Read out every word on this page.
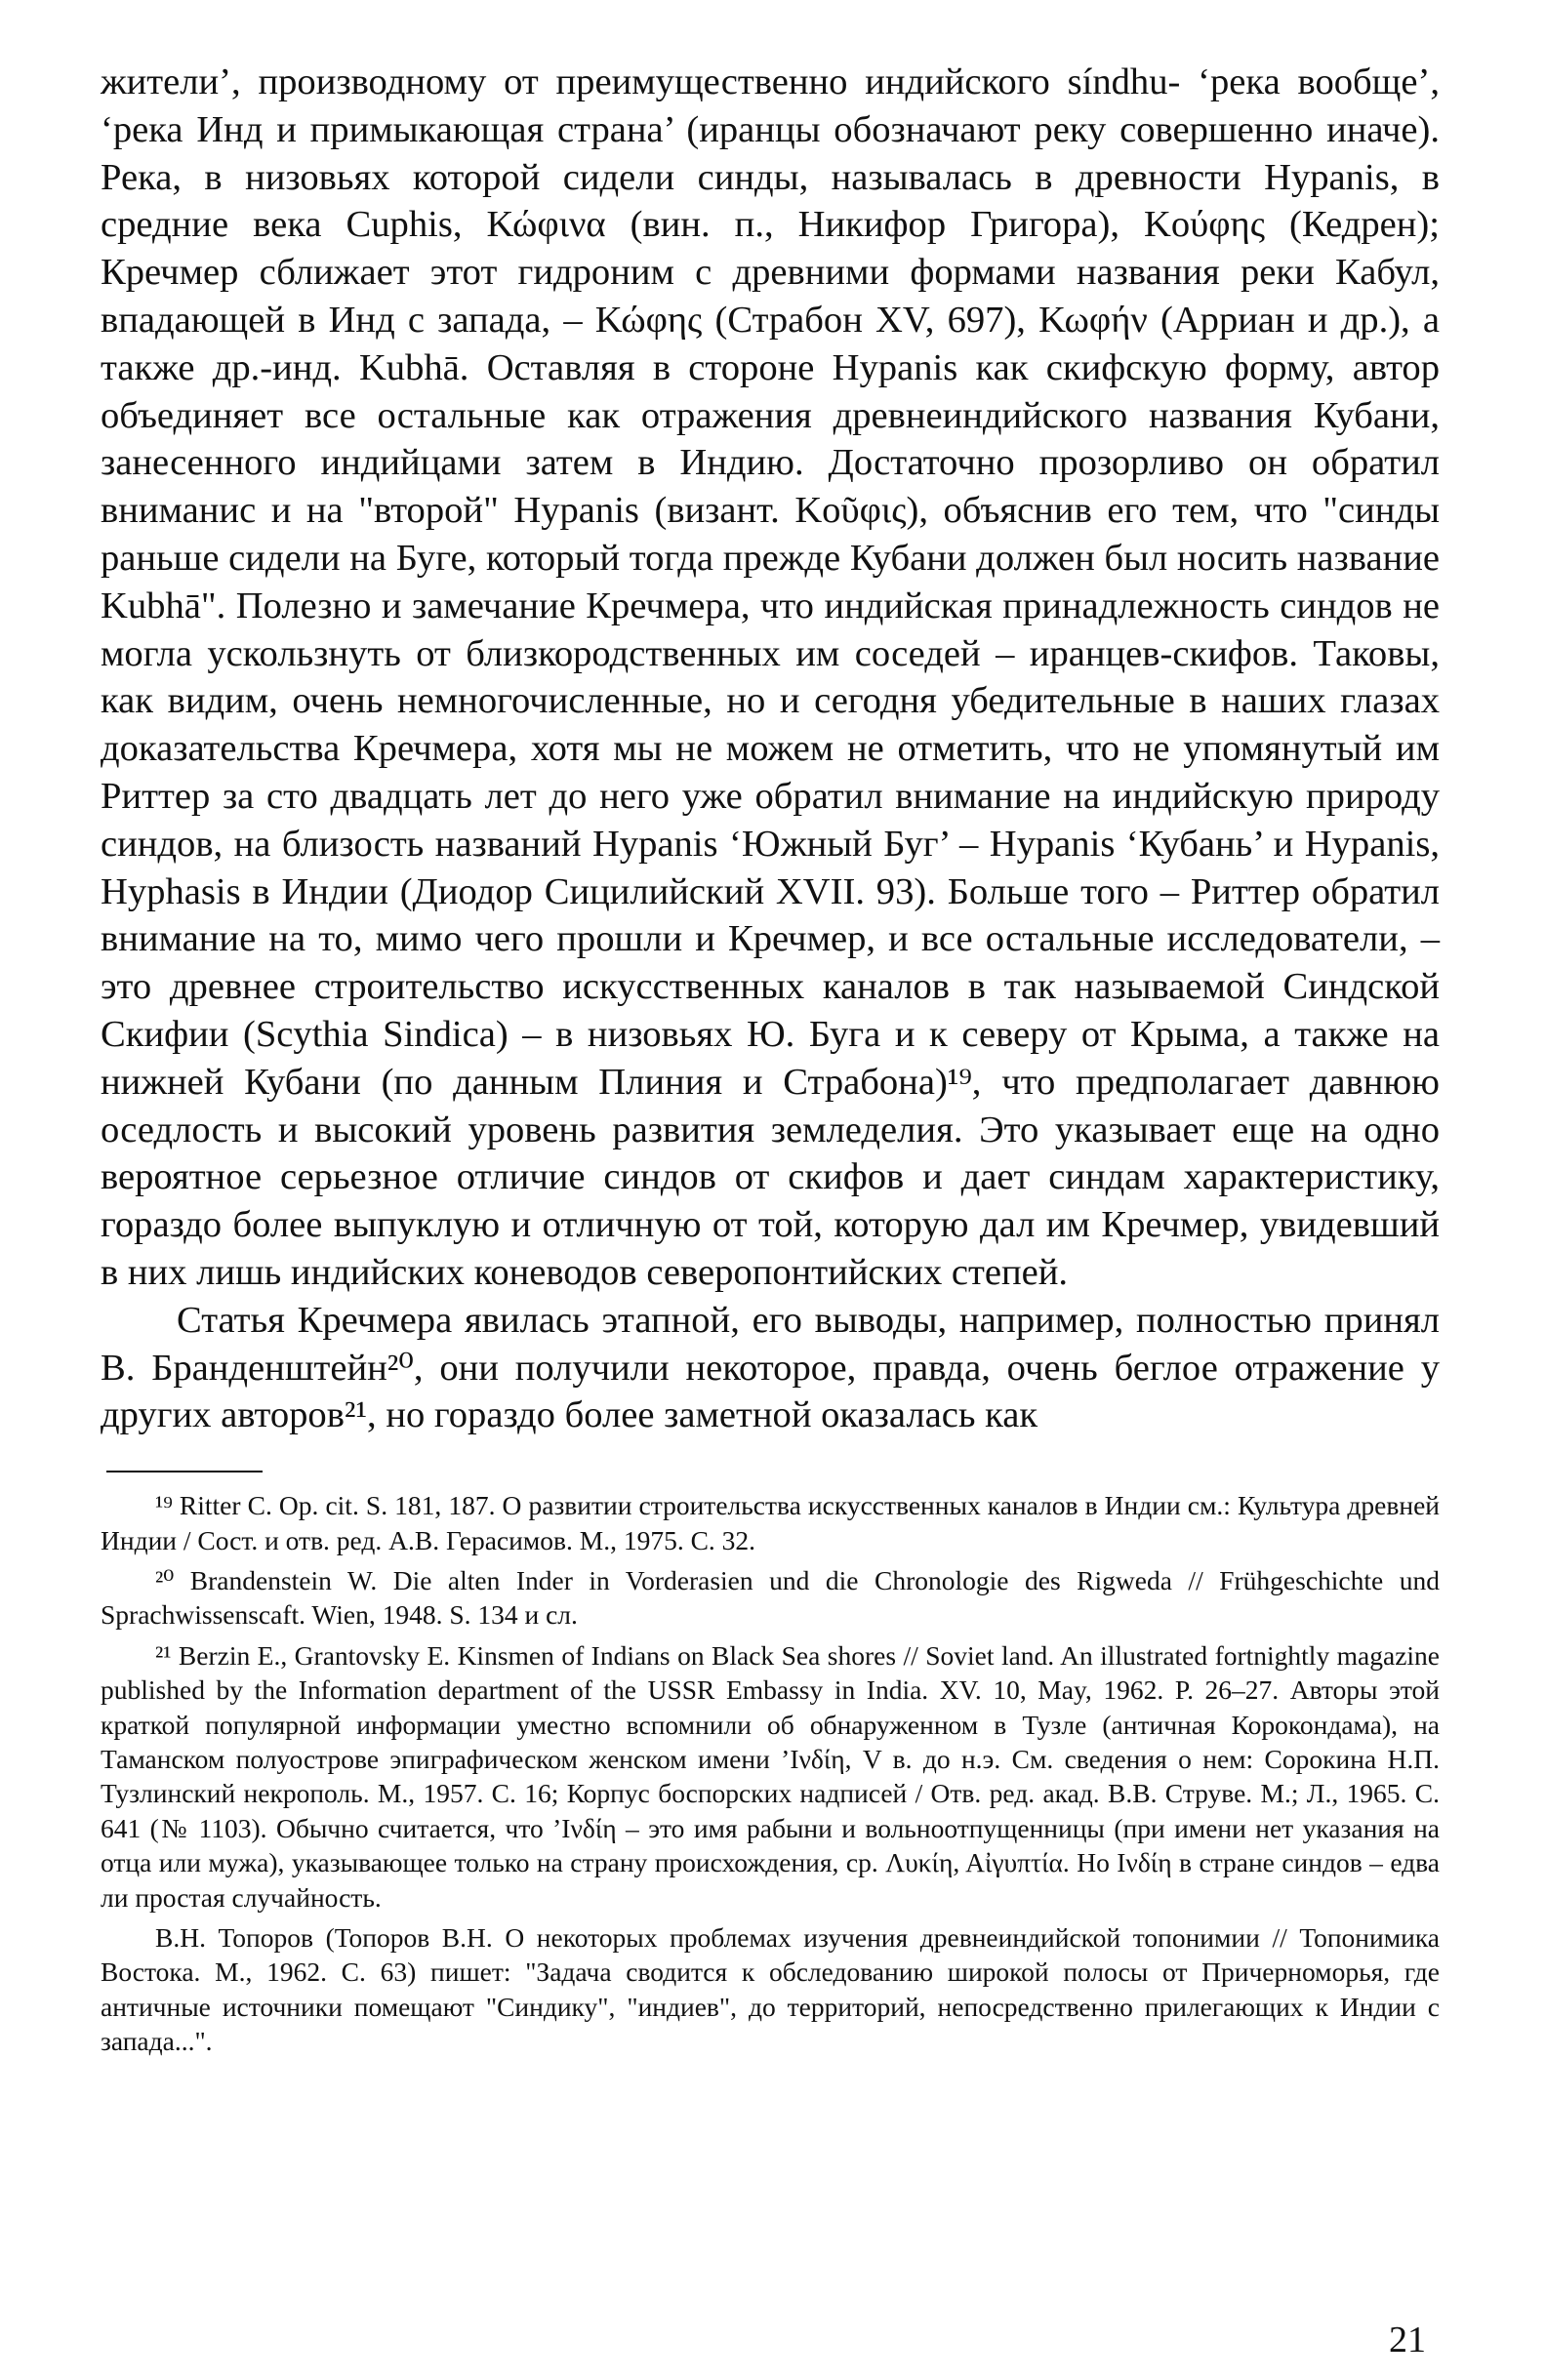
жители’, производному от преимущественно индийского síndhu- ‘река вообще’, ‘река Инд и примыкающая страна’ (иранцы обозначают реку совершенно иначе). Река, в низовьях которой сидели синды, называлась в древности Hypanis, в средние века Cuphis, Κώφινα (вин. п., Никифор Григора), Κούφης (Кедрен); Кречмер сближает этот гидроним с древними формами названия реки Кабул, впадающей в Инд с запада, – Κώφης (Страбон XV, 697), Κωφήν (Арриан и др.), а также др.-инд. Kubhā. Оставляя в стороне Hypanis как скифскую форму, автор объединяет все остальные как отражения древнеиндийского названия Кубани, занесенного индийцами затем в Индию. Достаточно прозорливо он обратил вниманис и на "второй" Hypanis (визант. Κοῦφις), объяснив его тем, что "синды раньше сидели на Буге, который тогда прежде Кубани должен был носить название Kubhā". Полезно и замечание Кречмера, что индийская принадлежность синдов не могла ускользнуть от близкородственных им соседей – иранцев-скифов. Таковы, как видим, очень немногочисленные, но и сегодня убедительные в наших глазах доказательства Кречмера, хотя мы не можем не отметить, что не упомянутый им Риттер за сто двадцать лет до него уже обратил внимание на индийскую природу синдов, на близость названий Hypanis ‘Южный Буг’ – Hypanis ‘Кубань’ и Hypanis, Hyphasis в Индии (Диодор Сицилийский XVII. 93). Больше того – Риттер обратил внимание на то, мимо чего прошли и Кречмер, и все остальные исследователи, – это древнее строительство искусственных каналов в так называемой Синдской Скифии (Scythia Sindica) – в низовьях Ю. Буга и к северу от Крыма, а также на нижней Кубани (по данным Плиния и Страбона)¹⁹, что предполагает давнюю оседлость и высокий уровень развития земледелия. Это указывает еще на одно вероятное серьезное отличие синдов от скифов и дает синдам характеристику, гораздо более выпуклую и отличную от той, которую дал им Кречмер, увидевший в них лишь индийских коневодов северопонтийских степей.

Статья Кречмера явилась этапной, его выводы, например, полностью принял В. Бранденштейн²⁰, они получили некоторое, правда, очень беглое отражение у других авторов²¹, но гораздо более заметной оказалась как

¹⁹ Ritter C. Op. cit. S. 181, 187. О развитии строительства искусственных каналов в Индии см.: Культура древней Индии / Сост. и отв. ред. А.В. Герасимов. М., 1975. С. 32.

²⁰ Brandenstein W. Die alten Inder in Vorderasien und die Chronologie des Rigweda // Frühgeschichte und Sprachwissenscaft. Wien, 1948. S. 134 и сл.

²¹ Berzin E., Grantovsky E. Kinsmen of Indians on Black Sea shores // Soviet land. An illustrated fortnightly magazine published by the Information department of the USSR Embassy in India. XV. 10, May, 1962. P. 26–27. Авторы этой краткой популярной информации уместно вспомнили об обнаруженном в Тузле (античная Корокондама), на Таманском полуострове эпиграфическом женском имени ’Ινδίη, V в. до н.э. См. сведения о нем: Сорокина Н.П. Тузлинский некрополь. М., 1957. С. 16; Корпус боспорских надписей / Отв. ред. акад. В.В. Струве. М.; Л., 1965. С. 641 (№ 1103). Обычно считается, что ’Ινδίη – это имя рабыни и вольноотпущенницы (при имени нет указания на отца или мужа), указывающее только на страну происхождения, ср. Λυκίη, Αἰγυπτία. Но Ινδίη в стране синдов – едва ли простая случайность.

В.Н. Топоров (Топоров В.Н. О некоторых проблемах изучения древнеиндийской топонимии // Топонимика Востока. М., 1962. С. 63) пишет: "Задача сводится к обследованию широкой полосы от Причерноморья, где античные источники помещают "Синдику", "индиев", до территорий, непосредственно прилегающих к Индии с запада...".

21
